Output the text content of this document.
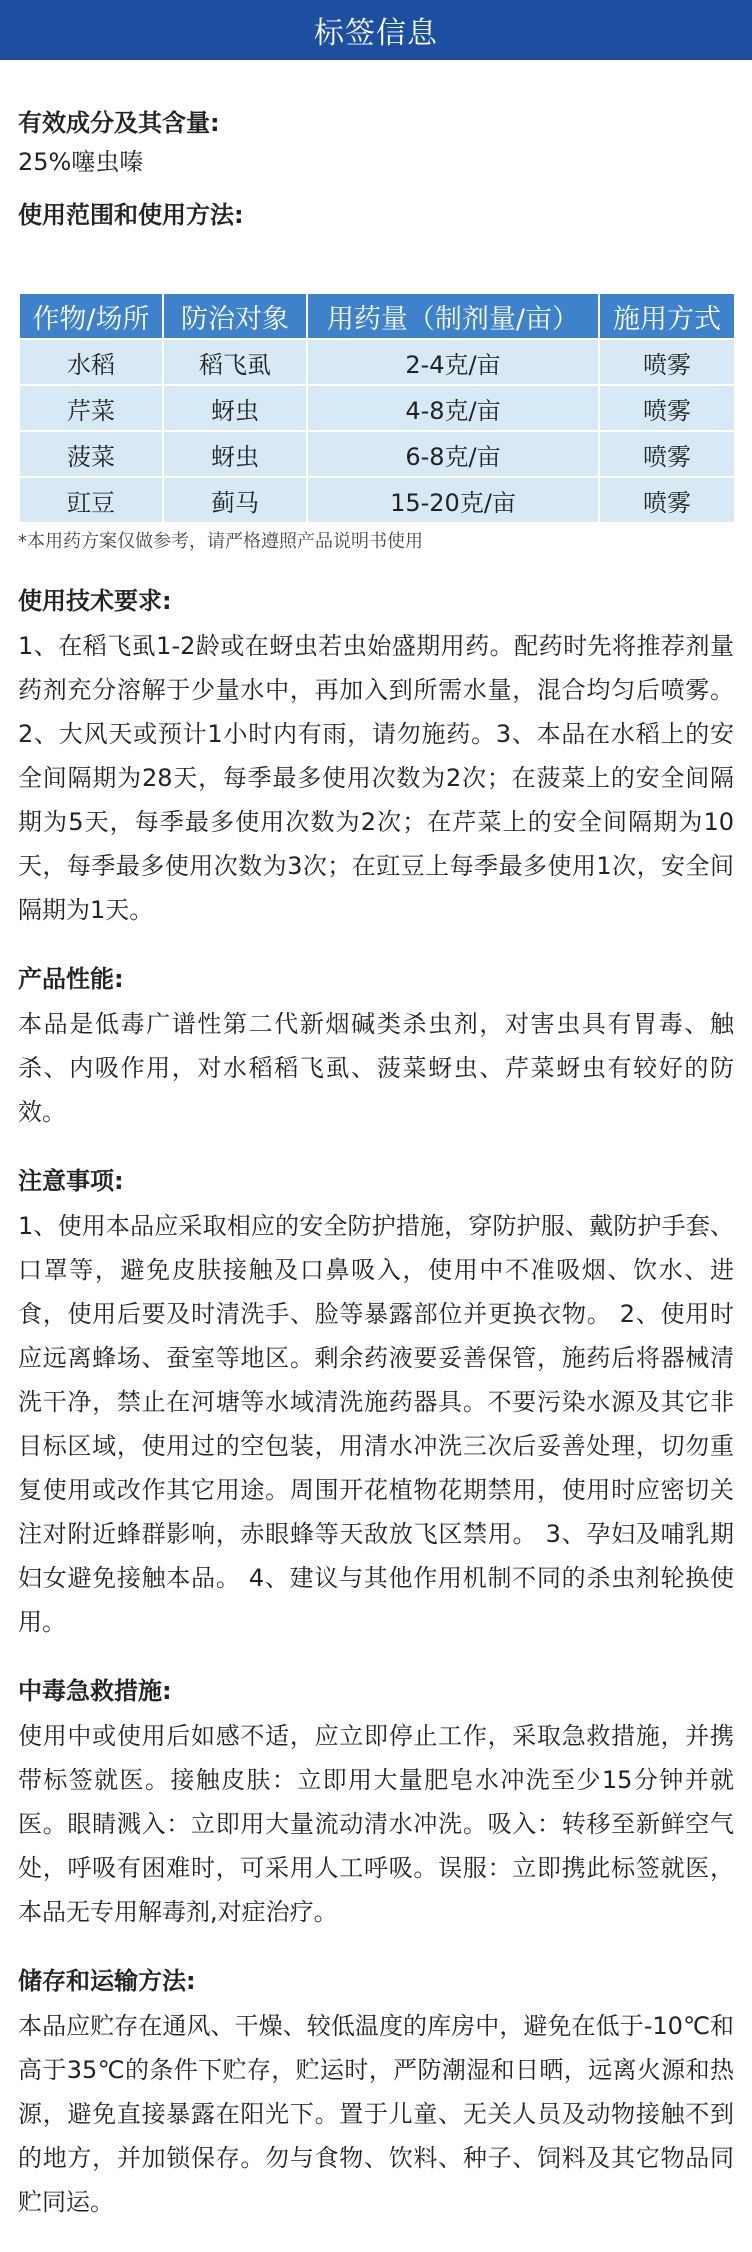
标签信息

有效成分及其含量:

25%噻虫嗪

使用范围和使用方法:

作物/场所	防治对象	用药量（制剂量/亩）	施用方式
水稻	稻飞虱	2-4克/亩	喷雾
芹菜	蚜虫	4-8克/亩	喷雾
菠菜	蚜虫	6-8克/亩	喷雾
豇豆	蓟马	15-20克/亩	喷雾

*本用药方案仅做参考，请严格遵照产品说明书使用

使用技术要求:

1、在稻飞虱1-2龄或在蚜虫若虫始盛期用药。配药时先将推荐剂量药剂充分溶解于少量水中，再加入到所需水量，混合均匀后喷雾。2、大风天或预计1小时内有雨，请勿施药。3、本品在水稻上的安全间隔期为28天，每季最多使用次数为2次；在菠菜上的安全间隔期为5天，每季最多使用次数为2次；在芹菜上的安全间隔期为10天，每季最多使用次数为3次；在豇豆上每季最多使用1次，安全间隔期为1天。

产品性能:

本品是低毒广谱性第二代新烟碱类杀虫剂，对害虫具有胃毒、触杀、内吸作用，对水稻稻飞虱、菠菜蚜虫、芹菜蚜虫有较好的防效。

注意事项:

1、使用本品应采取相应的安全防护措施，穿防护服、戴防护手套、口罩等，避免皮肤接触及口鼻吸入，使用中不准吸烟、饮水、进食，使用后要及时清洗手、脸等暴露部位并更换衣物。 2、使用时应远离蜂场、蚕室等地区。剩余药液要妥善保管，施药后将器械清洗干净，禁止在河塘等水域清洗施药器具。不要污染水源及其它非目标区域，使用过的空包装，用清水冲洗三次后妥善处理，切勿重复使用或改作其它用途。周围开花植物花期禁用，使用时应密切关注对附近蜂群影响，赤眼蜂等天敌放飞区禁用。 3、孕妇及哺乳期妇女避免接触本品。 4、建议与其他作用机制不同的杀虫剂轮换使用。

中毒急救措施:

使用中或使用后如感不适，应立即停止工作，采取急救措施，并携带标签就医。接触皮肤：立即用大量肥皂水冲洗至少15分钟并就医。眼睛溅入：立即用大量流动清水冲洗。吸入：转移至新鲜空气处，呼吸有困难时，可采用人工呼吸。误服：立即携此标签就医，本品无专用解毒剂,对症治疗。

储存和运输方法:

本品应贮存在通风、干燥、较低温度的库房中，避免在低于-10℃和高于35℃的条件下贮存，贮运时，严防潮湿和日晒，远离火源和热源，避免直接暴露在阳光下。置于儿童、无关人员及动物接触不到的地方，并加锁保存。勿与食物、饮料、种子、饲料及其它物品同贮同运。
